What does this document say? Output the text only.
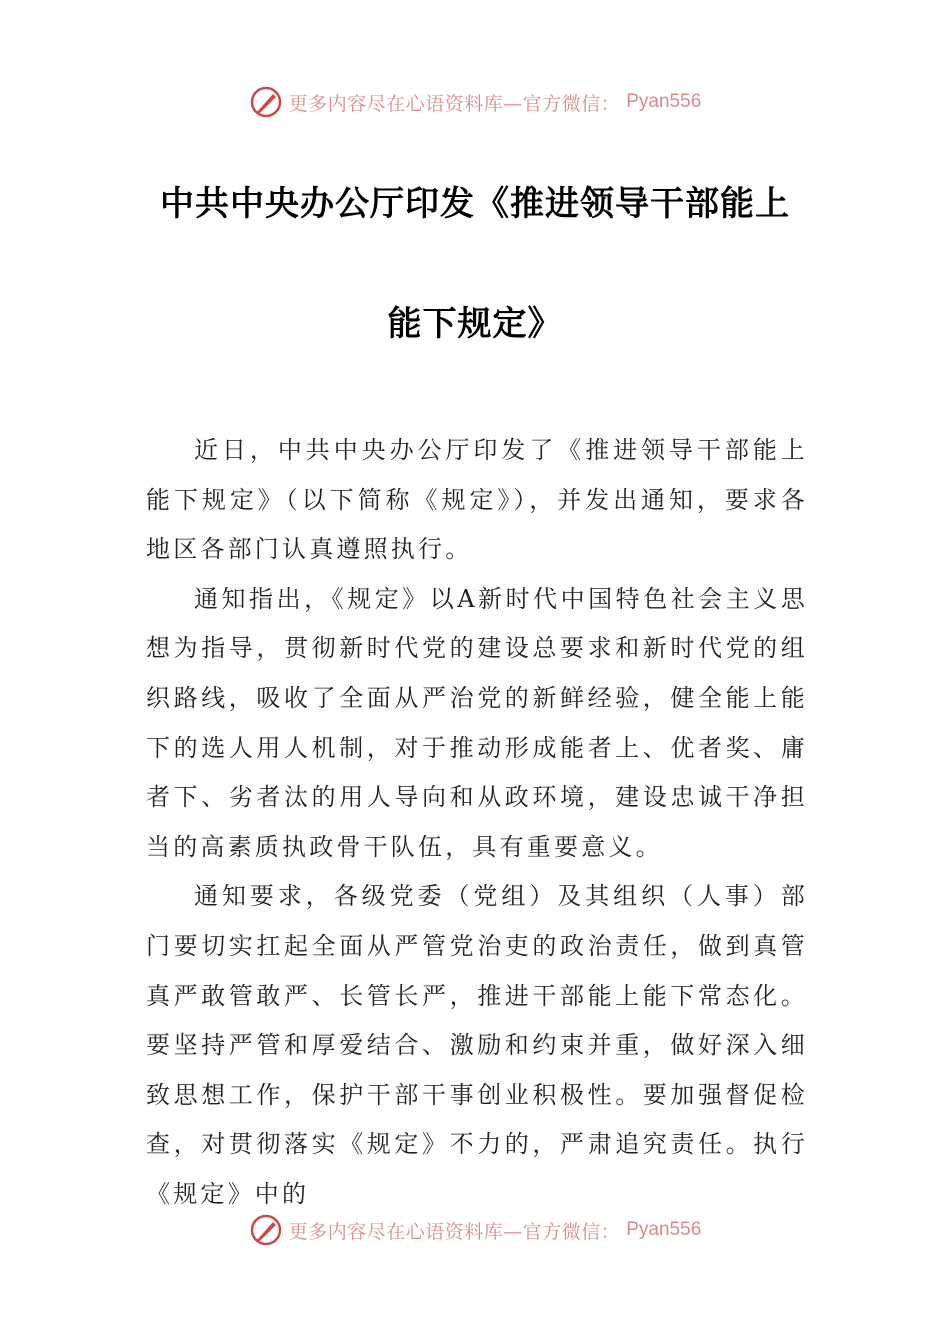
更多内容尽在心语资料库—官方微信： Pyan556
中共中央办公厅印发《推进领导干部能上
能下规定》

近日，中共中央办公厅印发了《推进领导干部能上能下规定》（以下简称《规定》），并发出通知，要求各地区各部门认真遵照执行。

通知指出，《规定》以A新时代中国特色社会主义思想为指导，贯彻新时代党的建设总要求和新时代党的组织路线，吸收了全面从严治党的新鲜经验，健全能上能下的选人用人机制，对于推动形成能者上、优者奖、庸者下、劣者汰的用人导向和从政环境，建设忠诚干净担当的高素质执政骨干队伍，具有重要意义。

通知要求，各级党委（党组）及其组织（人事）部门要切实扛起全面从严管党治吏的政治责任，做到真管真严敢管敢严、长管长严，推进干部能上能下常态化。要坚持严管和厚爱结合、激励和约束并重，做好深入细致思想工作，保护干部干事创业积极性。要加强督促检查，对贯彻落实《规定》不力的，严肃追究责任。执行《规定》中的

更多内容尽在心语资料库—官方微信： Pyan556
